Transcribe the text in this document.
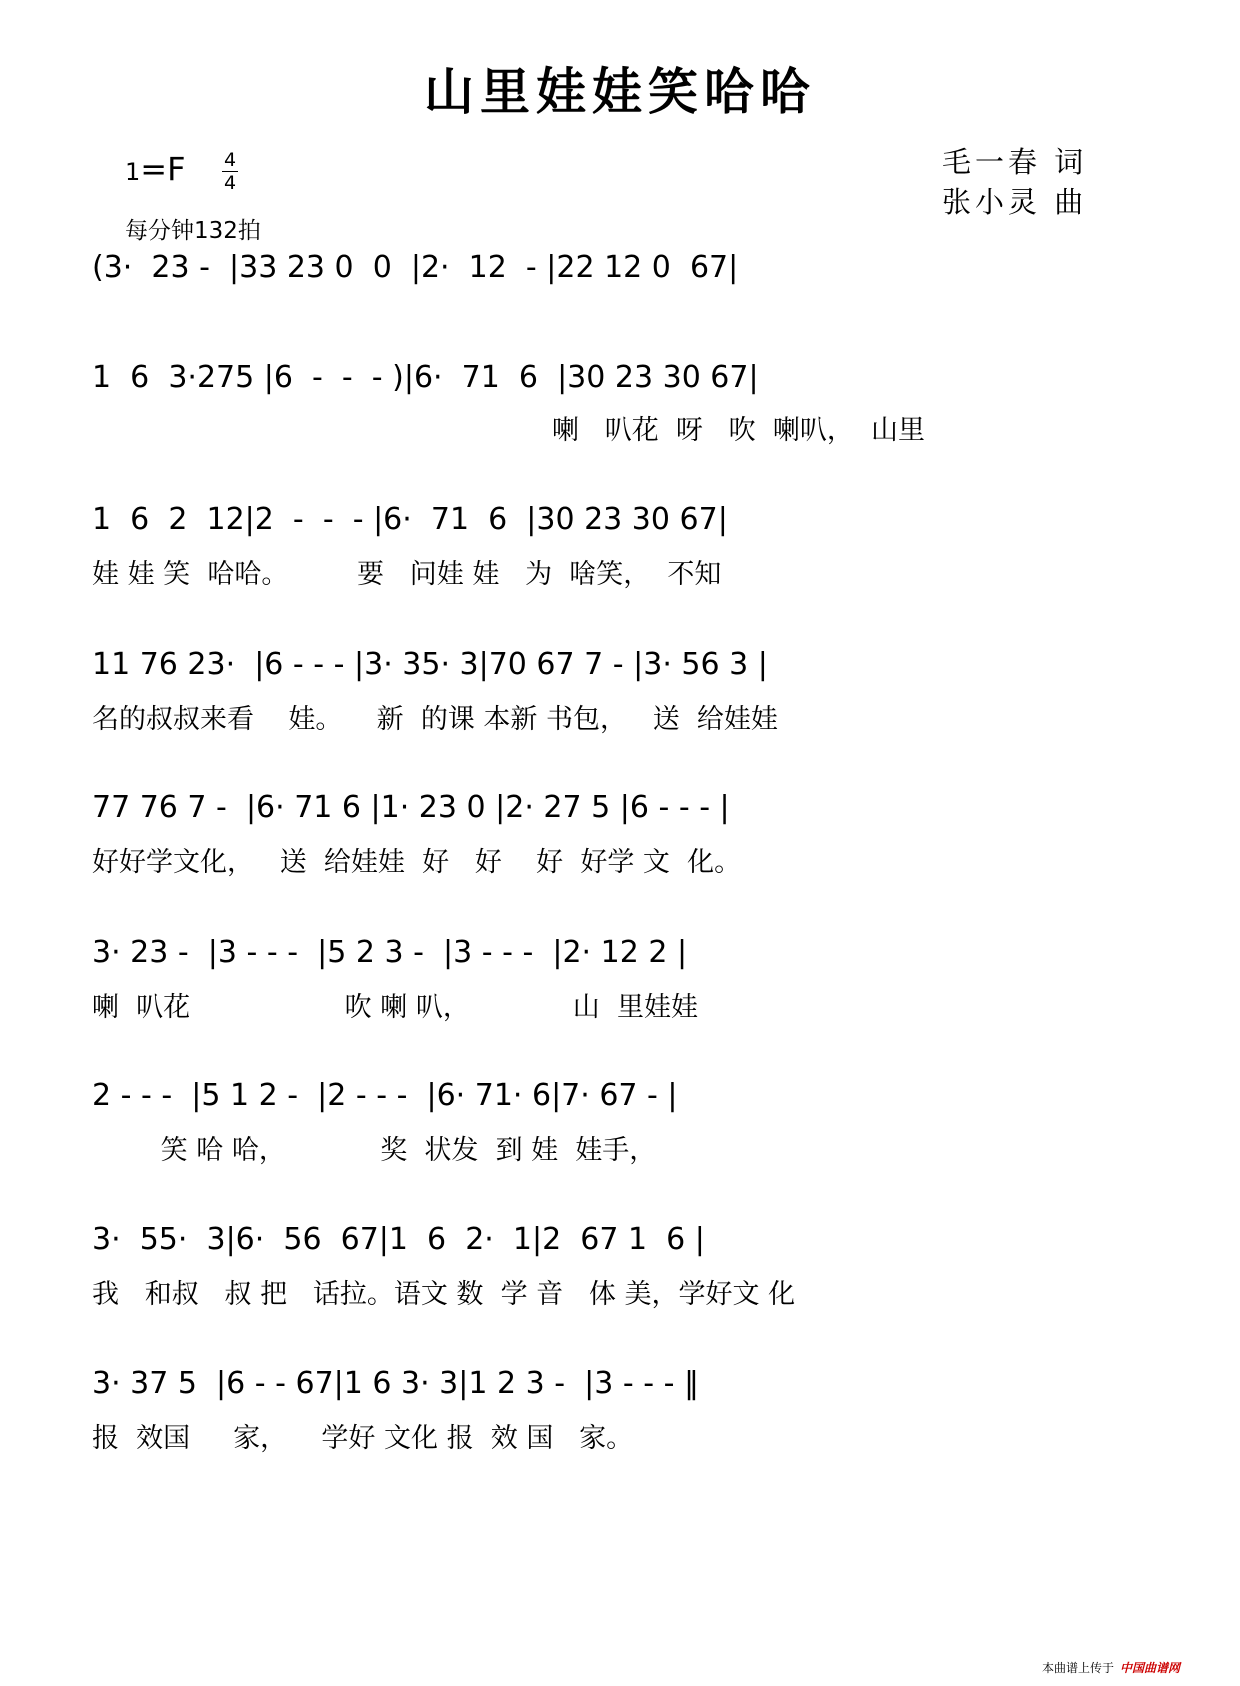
山里娃娃笑哈哈
1=F 4
4
每分钟132拍
毛一春 词
张小灵 曲
(3·  23 -  |33 23 0  0  |2·  12  - |22 12 0  67|
1  6  3·275 |6  -  -  - )|6·  71  6  |30 23 30 67|
喇   叭花  呀   吹  喇叭，  山里
1  6  2  12|2  -  -  - |6·  71  6  |30 23 30 67|
娃 娃 笑  哈哈。        要   问娃 娃   为  啥笑，  不知
11 76 23·  |6 - - - |3· 35· 3|70 67 7 - |3· 56 3 |
名的叔叔来看    娃。    新  的课 本新 书包，   送  给娃娃
77 76 7 -  |6· 71 6 |1· 23 0 |2· 27 5 |6 - - - |
好好学文化，   送  给娃娃  好   好    好  好学 文  化。
3· 23 -  |3 - - -  |5 2 3 -  |3 - - -  |2· 12 2 |
喇  叭花                  吹 喇 叭，            山  里娃娃
2 - - -  |5 1 2 -  |2 - - -  |6· 71· 6|7· 67 - |
笑 哈 哈，           奖  状发  到 娃  娃手，
3·  55·  3|6·  56  67|1  6  2·  1|2  67 1  6 |
我   和叔   叔 把   话拉。语文 数  学 音   体 美，学好文 化
3· 37 5  |6 - - 67|1 6 3· 3|1 2 3 -  |3 - - - ‖
报  效国     家，    学好 文化 报  效 国   家。
本曲谱上传于 中国曲谱网
